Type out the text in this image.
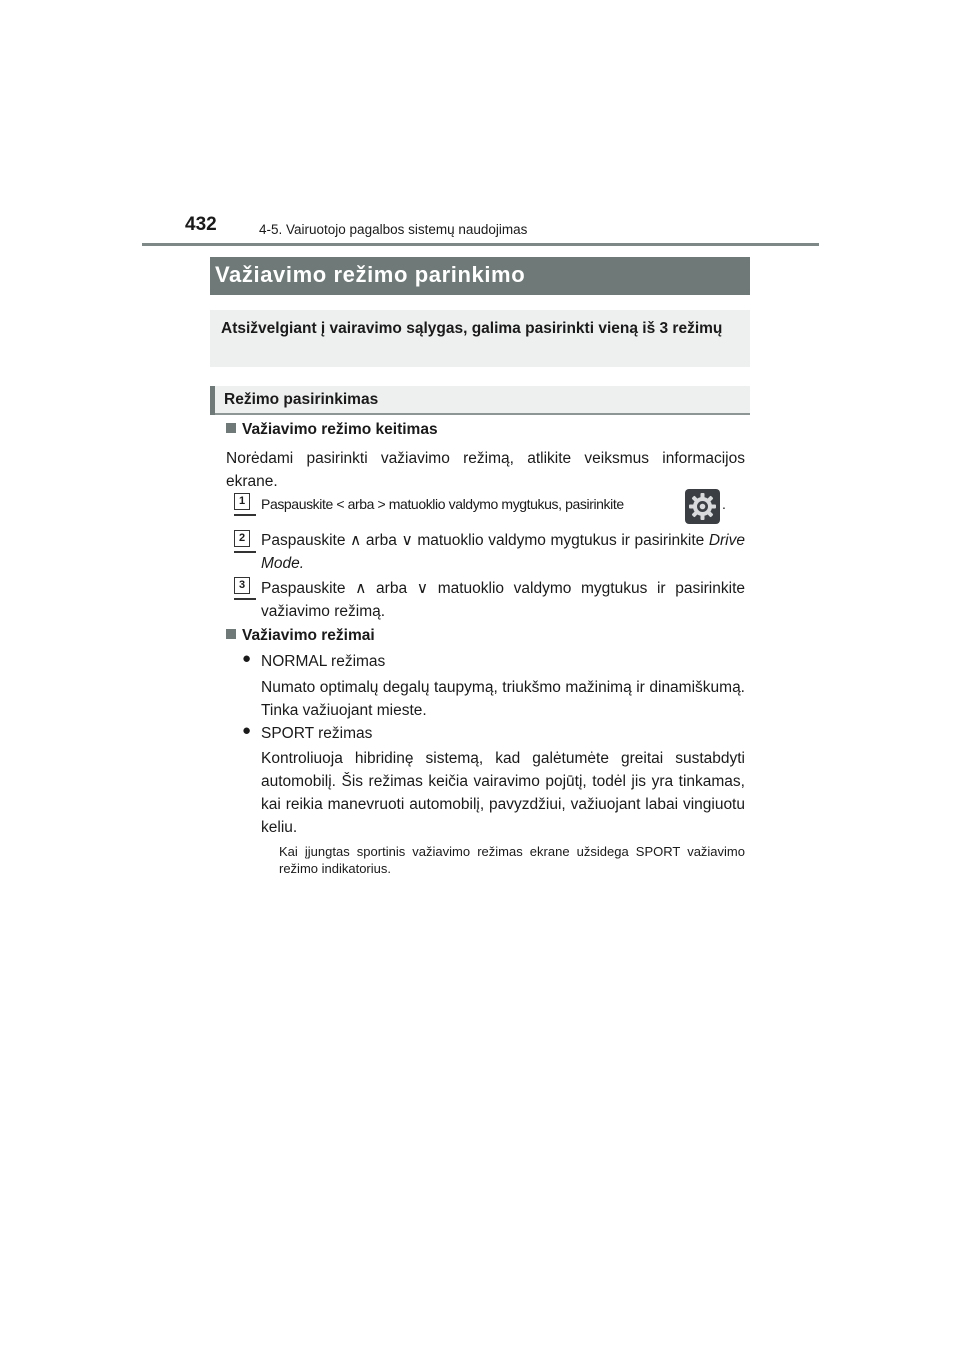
432	4-5. Vairuotojo pagalbos sistemų naudojimas
Važiavimo režimo parinkimo

Atsižvelgiant į vairavimo sąlygas, galima pasirinkti vieną iš 3 režimų

Režimo pasirinkimas
Važiavimo režimo keitimas
Norėdami pasirinkti važiavimo režimą, atlikite veiksmus informacijos ekrane.
1	Paspauskite < arba > matuoklio valdymo mygtukus, pasirinkite	.
2	Paspauskite ∧ arba ∨ matuoklio valdymo mygtukus ir pasirinkite Drive Mode.
3	Paspauskite ∧ arba ∨ matuoklio valdymo mygtukus ir pasirinkite važiavimo režimą.
Važiavimo režimai
● NORMAL režimas
Numato optimalų degalų taupymą, triukšmo mažinimą ir dinamiškumą. Tinka važiuojant mieste.
● SPORT režimas
Kontroliuoja hibridinę sistemą, kad galėtumėte greitai sustabdyti automobilį. Šis režimas keičia vairavimo pojūtį, todėl jis yra tinkamas, kai reikia manevruoti automobilį, pavyzdžiui, važiuojant labai vingiuotu keliu.
Kai įjungtas sportinis važiavimo režimas ekrane užsidega SPORT važiavimo režimo indikatorius.
